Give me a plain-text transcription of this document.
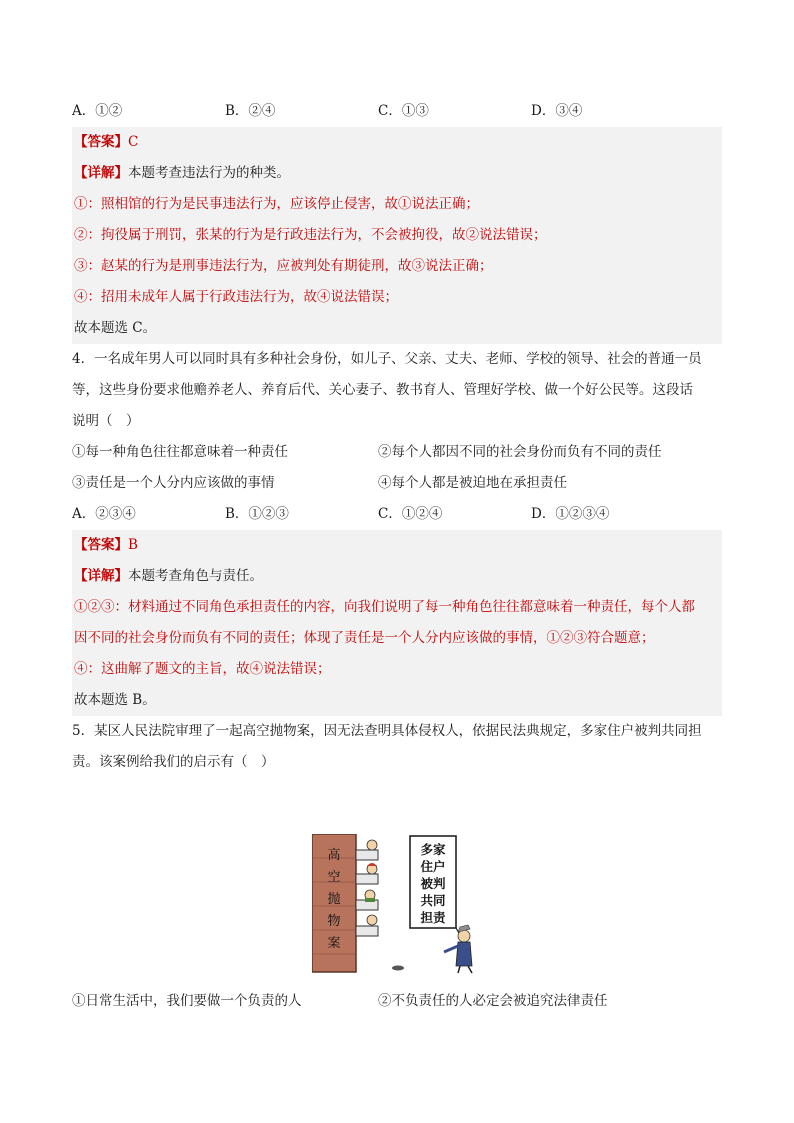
A．①②	B．②④	C．①③	D．③④
【答案】C
【详解】本题考查违法行为的种类。
①：照相馆的行为是民事违法行为，应该停止侵害，故①说法正确；
②：拘役属于刑罚，张某的行为是行政违法行为，不会被拘役，故②说法错误；
③：赵某的行为是刑事违法行为，应被判处有期徒刑，故③说法正确；
④：招用未成年人属于行政违法行为，故④说法错误；
故本题选 C。
4．一名成年男人可以同时具有多种社会身份，如儿子、父亲、丈夫、老师、学校的领导、社会的普通一员
等，这些身份要求他赡养老人、养育后代、关心妻子、教书育人、管理好学校、做一个好公民等。这段话
说明（　）
①每一种角色往往都意味着一种责任	②每个人都因不同的社会身份而负有不同的责任
③责任是一个人分内应该做的事情	④每个人都是被迫地在承担责任
A．②③④	B．①②③	C．①②④	D．①②③④
【答案】B
【详解】本题考查角色与责任。
①②③：材料通过不同角色承担责任的内容，向我们说明了每一种角色往往都意味着一种责任，每个人都
因不同的社会身份而负有不同的责任；体现了责任是一个人分内应该做的事情，①②③符合题意；
④：这曲解了题文的主旨，故④说法错误；
故本题选 B。
5．某区人民法院审理了一起高空抛物案，因无法查明具体侵权人，依据民法典规定，多家住户被判共同担
责。该案例给我们的启示有（　）
高
空
抛
物
案
多家
住户
被判
共同
担责
①日常生活中，我们要做一个负责的人	②不负责任的人必定会被追究法律责任
